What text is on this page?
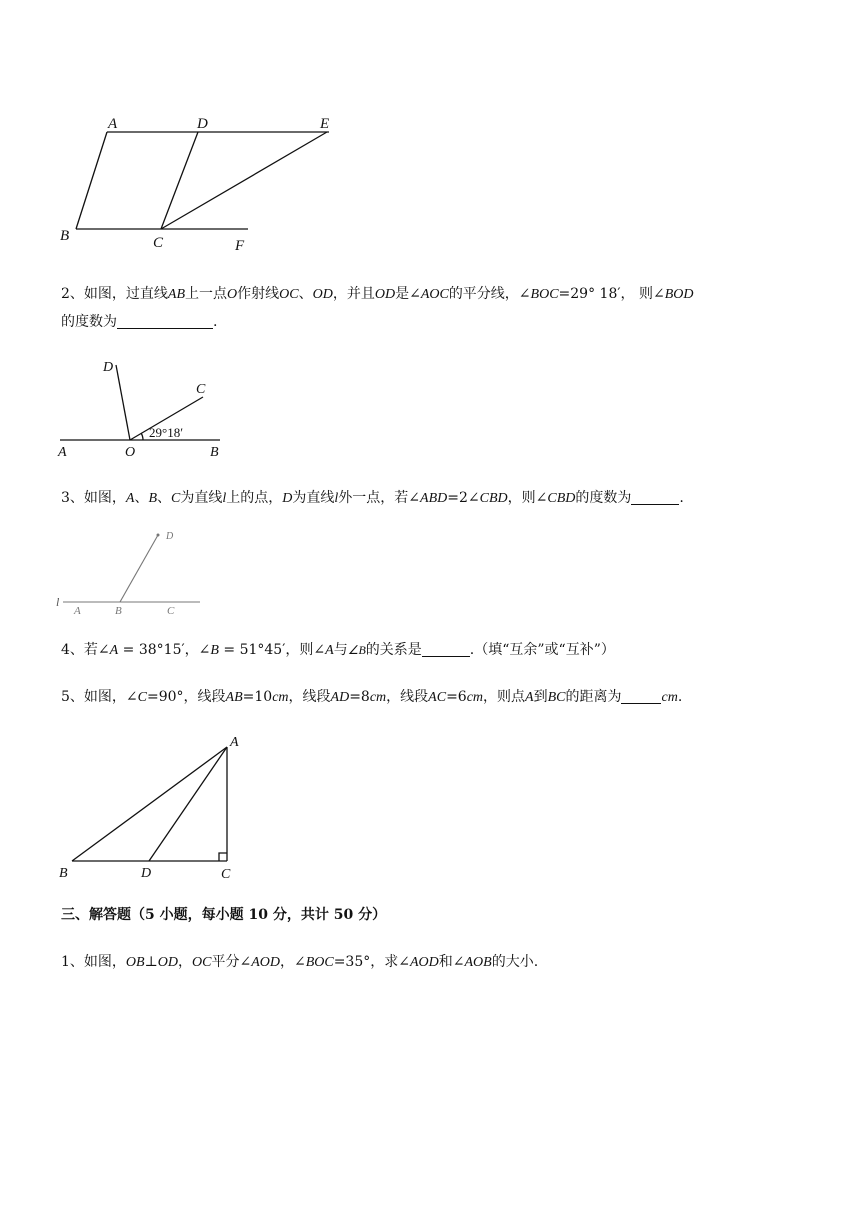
A	D	E
B	C	F
2、如图，过直线AB上一点O作射线OC、OD，并且OD是∠AOC的平分线，∠BOC=29° 18′， 则∠BOD
的度数为	.
29°18′
D
C
A	O	B
3、如图，A、B、C为直线l上的点，D为直线l外一点，若∠ABD=2∠CBD，则∠CBD的度数为	.
D
l
A	B	C
4、若∠A = 38°15′，∠B = 51°45′，则∠A与∠B的关系是	.（填“互余”或“互补”）
5、如图，∠C=90°，线段AB=10cm，线段AD=8cm，线段AC=6cm，则点A到BC的距离为	cm.
A
B	D	C
三、解答题（5 小题，每小题 10 分，共计 50 分）
1、如图，OB⊥OD，OC平分∠AOD，∠BOC=35°，求∠AOD和∠AOB的大小.
